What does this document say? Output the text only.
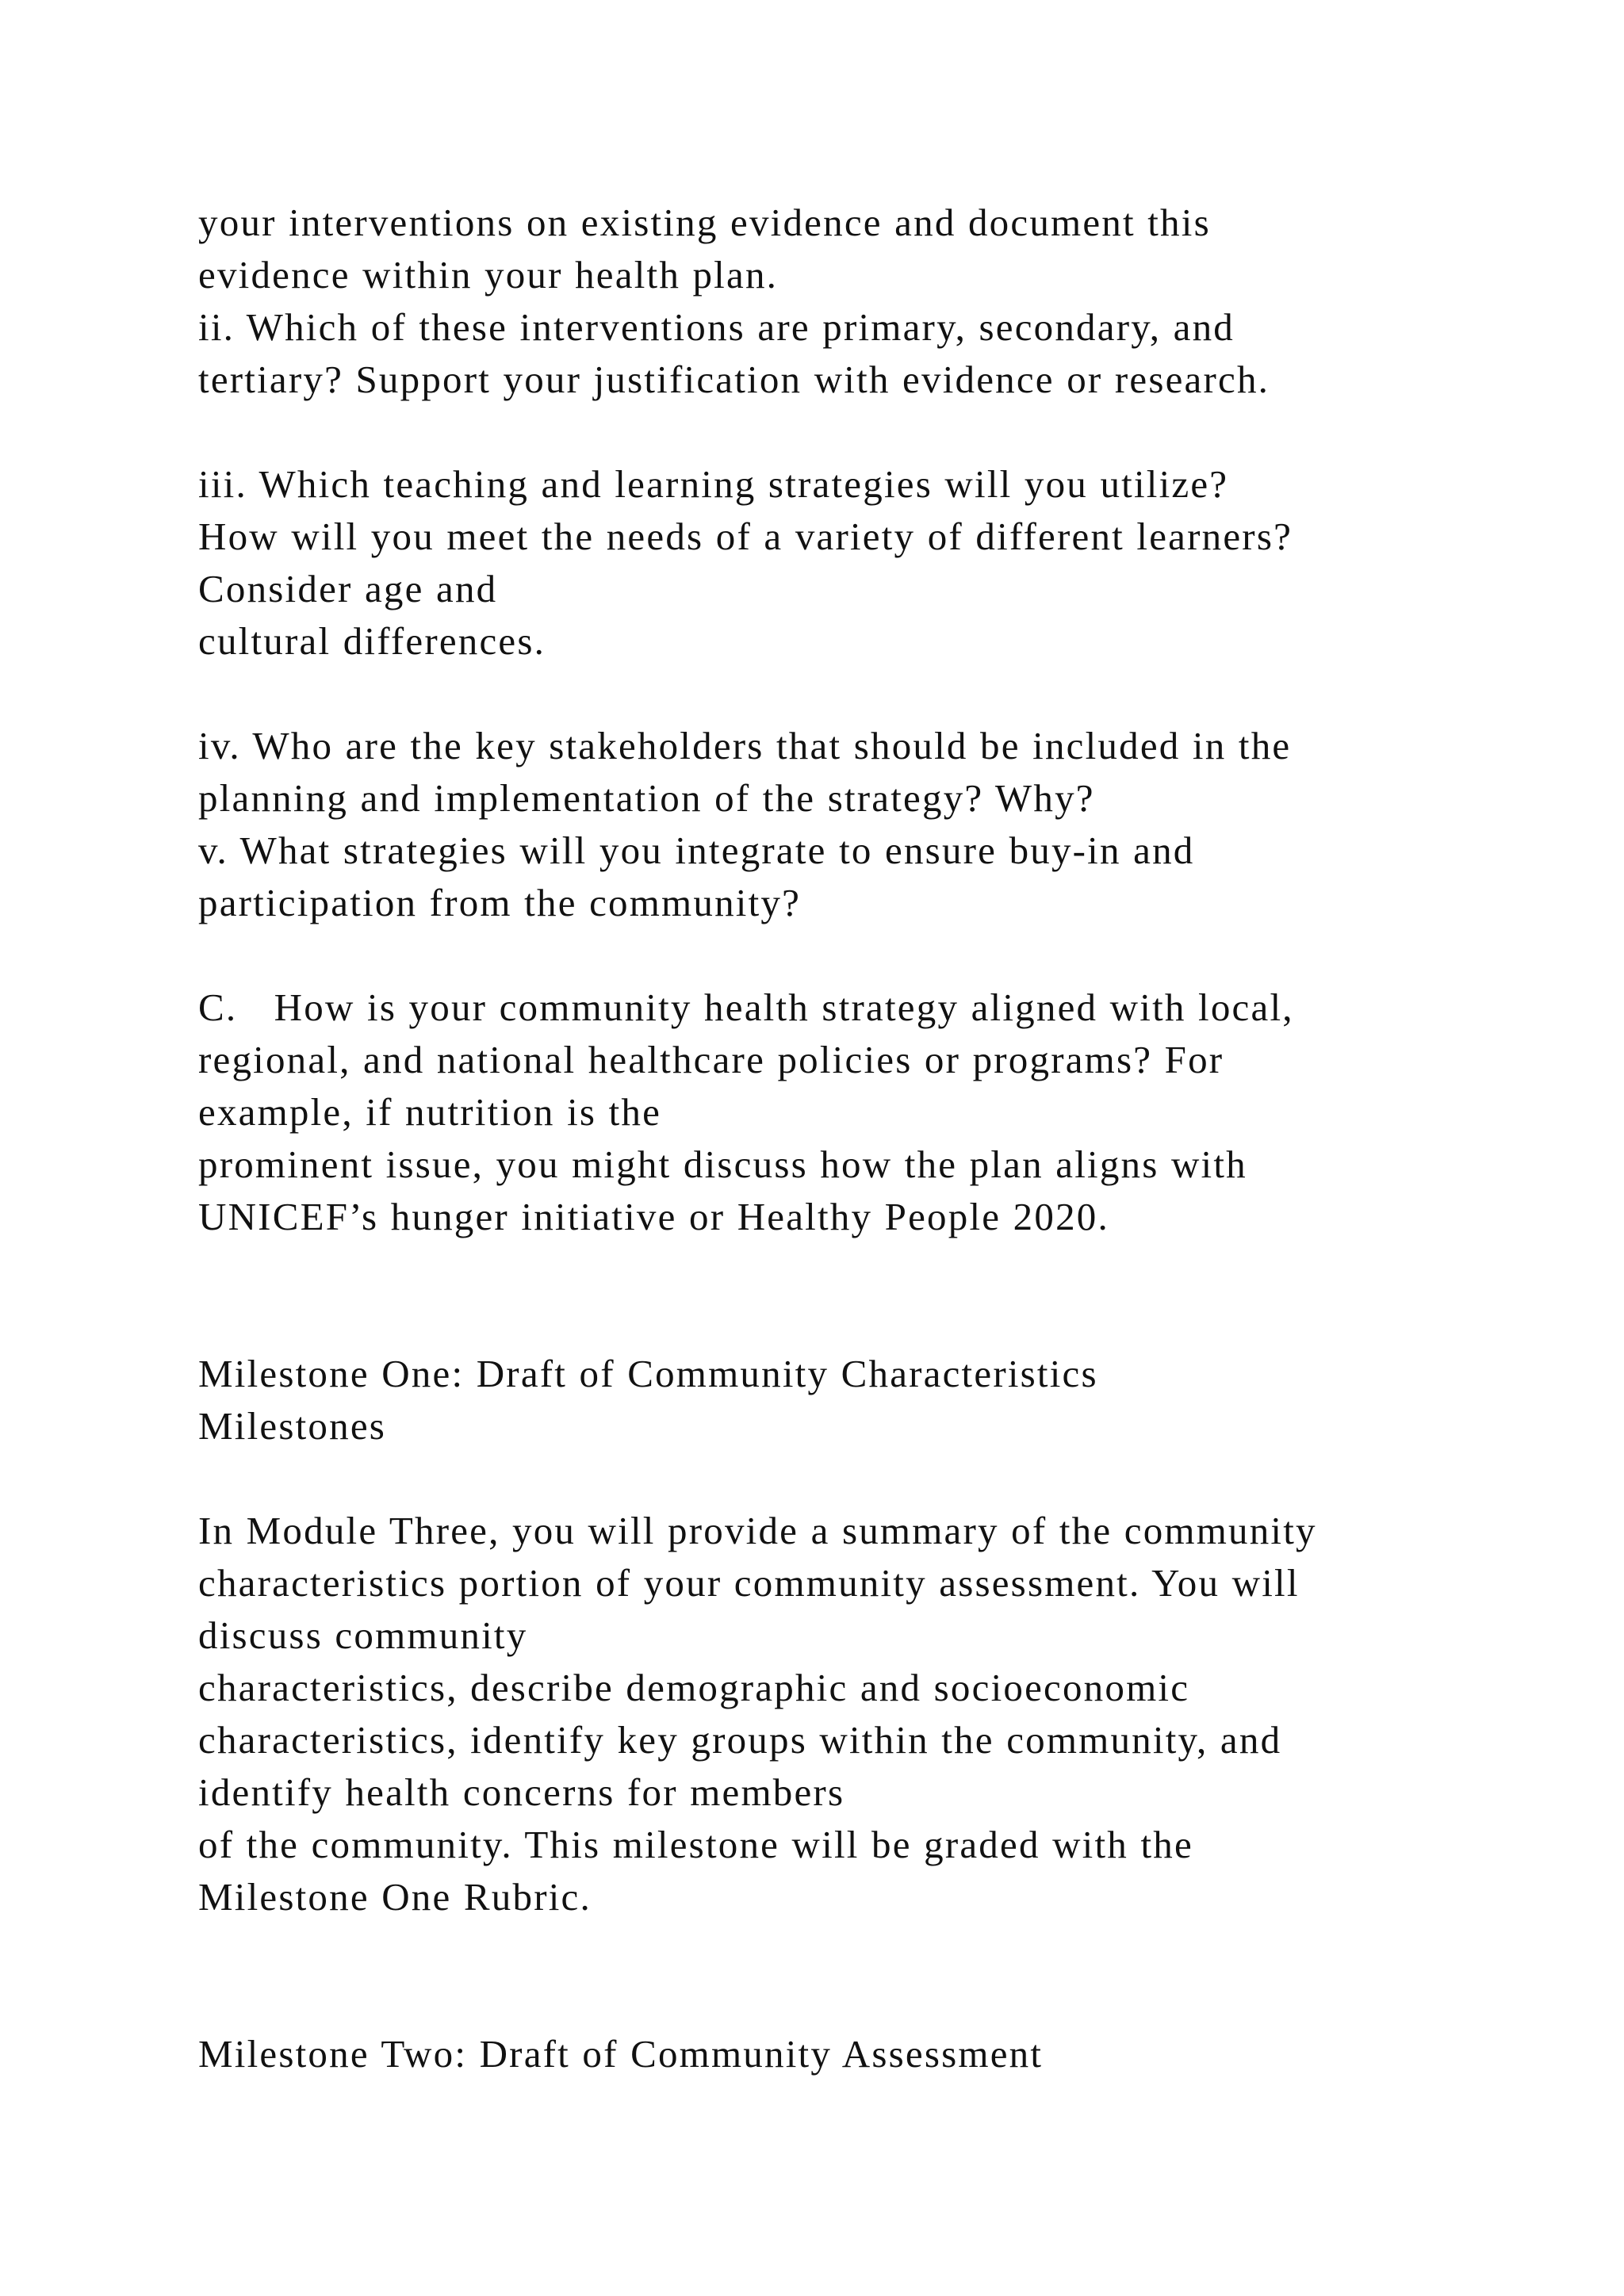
your interventions on existing evidence and document this
evidence within your health plan.
ii. Which of these interventions are primary, secondary, and
tertiary? Support your justification with evidence or research.
iii. Which teaching and learning strategies will you utilize?
How will you meet the needs of a variety of different learners?
Consider age and
cultural differences.
iv. Who are the key stakeholders that should be included in the
planning and implementation of the strategy? Why?
v. What strategies will you integrate to ensure buy-in and
participation from the community?
C.   How is your community health strategy aligned with local,
regional, and national healthcare policies or programs? For
example, if nutrition is the
prominent issue, you might discuss how the plan aligns with
UNICEF’s hunger initiative or Healthy People 2020.
Milestone One: Draft of Community Characteristics
Milestones
In Module Three, you will provide a summary of the community
characteristics portion of your community assessment. You will
discuss community
characteristics, describe demographic and socioeconomic
characteristics, identify key groups within the community, and
identify health concerns for members
of the community. This milestone will be graded with the
Milestone One Rubric.
Milestone Two: Draft of Community Assessment
